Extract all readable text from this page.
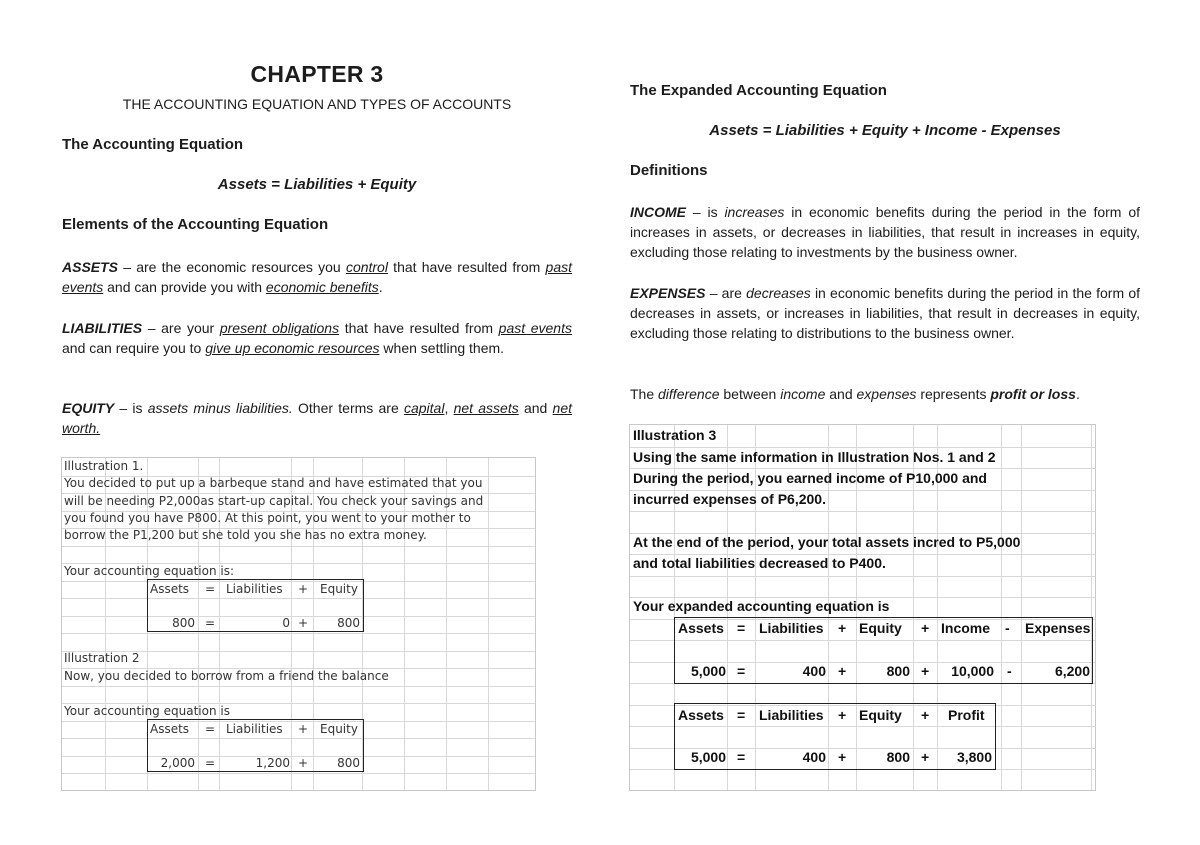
CHAPTER 3
THE ACCOUNTING EQUATION AND TYPES OF ACCOUNTS
The Accounting Equation
Assets = Liabilities + Equity
Elements of the Accounting Equation
ASSETS – are the economic resources you control that have resulted from past events and can provide you with economic benefits.
LIABILITIES – are your present obligations that have resulted from past events and can require you to give up economic resources when settling them.
EQUITY – is assets minus liabilities. Other terms are capital, net assets and net worth.
Illustration 1.
You decided to put up a barbeque stand and have estimated that you
will be needing P2,000as start-up capital. You check your savings and
you found you have P800. At this point, you went to your mother to
borrow the P1,200 but she told you she has no extra money.
Your accounting equation is:
Assets = Liabilities + Equity
800 =	0 +	800
Illustration 2
Now, you decided to borrow from a friend the balance
Your accounting equation is
Assets = Liabilities + Equity
2,000 =	1,200 +	800
The Expanded Accounting Equation
Assets = Liabilities + Equity + Income - Expenses
Definitions
INCOME – is increases in economic benefits during the period in the form of increases in assets, or decreases in liabilities, that result in increases in equity, excluding those relating to investments by the business owner.
EXPENSES – are decreases in economic benefits during the period in the form of decreases in assets, or increases in liabilities, that result in decreases in equity, excluding those relating to distributions to the business owner.
The difference between income and expenses represents profit or loss.
Illustration 3
Using the same information in Illustration Nos. 1 and 2
During the period, you earned income of P10,000 and
incurred expenses of P6,200.
At the end of the period, your total assets incred to P5,000
and total liabilities decreased to P400.
Your expanded accounting equation is
Assets = Liabilities + Equity + Income - Expenses
5,000 =	400 +	800 +	10,000 -	6,200
Assets = Liabilities + Equity + Profit
5,000 =	400 +	800 +	3,800
